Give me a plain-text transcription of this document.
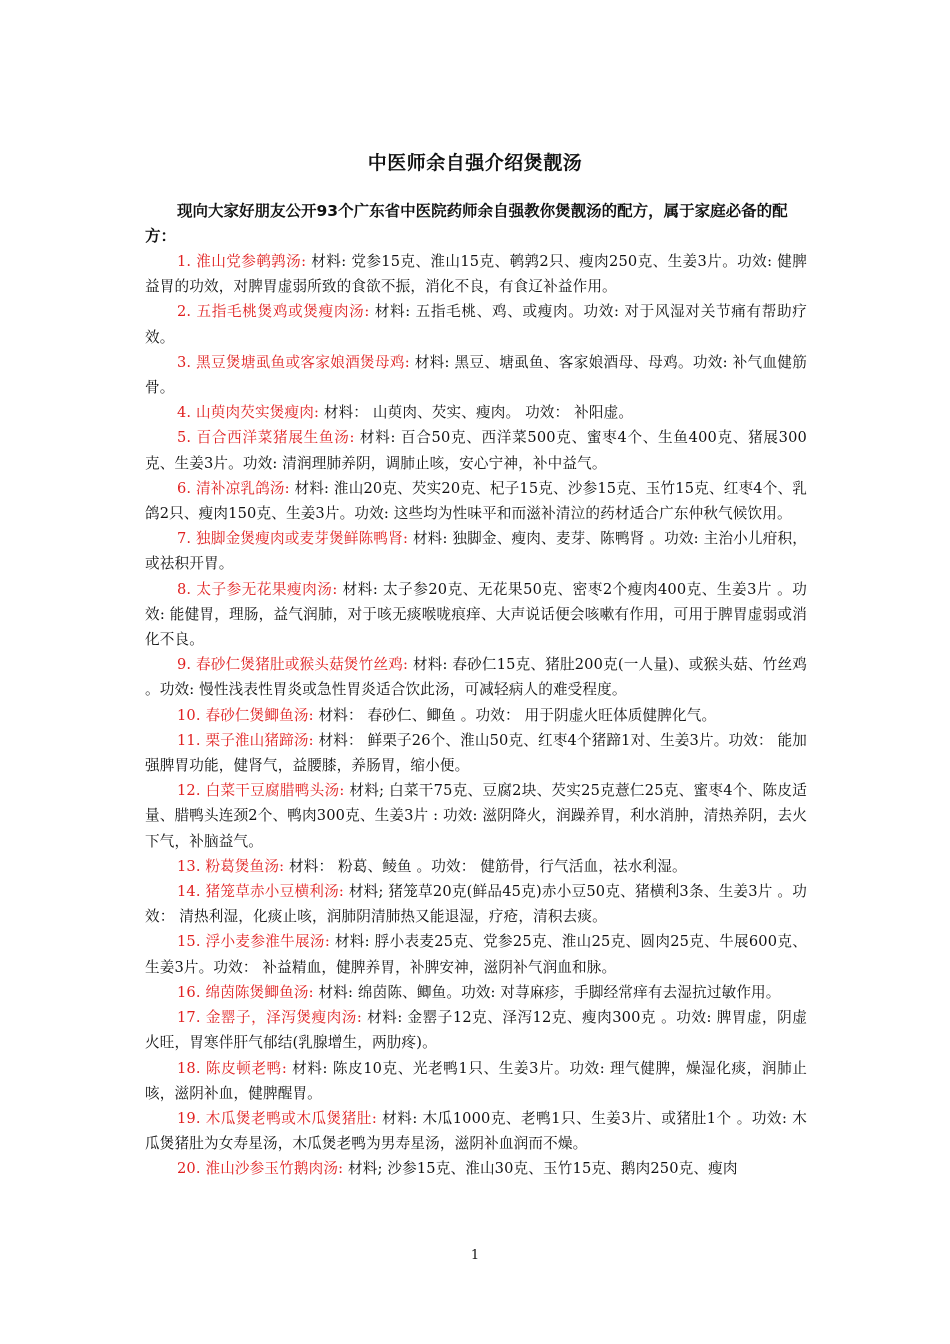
中医师余自强介绍煲靓汤

现向大家好朋友公开93个广东省中医院药师余自强教你煲靓汤的配方，属于家庭必备的配方：

1. 淮山党参鹌鹑汤: 材料: 党参15克、淮山15克、鹌鹑2只、瘦肉250克、生姜3片。功效: 健脾益胃的功效，对脾胃虚弱所致的食欲不振，消化不良，有食辽补益作用。

2. 五指毛桃煲鸡或煲瘦肉汤: 材料: 五指毛桃、鸡、或瘦肉。功效: 对于风湿对关节痛有帮助疗效。

3. 黑豆煲塘虱鱼或客家娘酒煲母鸡: 材料: 黑豆、塘虱鱼、客家娘酒母、母鸡。功效: 补气血健筋骨。

4. 山萸肉芡实煲瘦肉: 材料： 山萸肉、芡实、瘦肉。 功效： 补阳虚。

5. 百合西洋菜猪展生鱼汤: 材料: 百合50克、西洋菜500克、蜜枣4个、生鱼400克、猪展300克、生姜3片。功效: 清润理肺养阴，调肺止咳，安心宁神，补中益气。

6. 清补凉乳鸽汤: 材料: 淮山20克、芡实20克、杞子15克、沙参15克、玉竹15克、红枣4个、乳鸽2只、瘦肉150克、生姜3片。功效: 这些均为性味平和而滋补清泣的药材适合广东仲秋气候饮用。

7. 独脚金煲瘦肉或麦芽煲鲜陈鸭肾: 材料: 独脚金、瘦肉、麦芽、陈鸭肾 。功效: 主治小儿疳积，或祛积开胃。

8. 太子参无花果瘦肉汤: 材料: 太子参20克、无花果50克、密枣2个瘦肉400克、生姜3片 。功效: 能健胃，理肠，益气润肺，对于咳无痰喉咙痕痒、大声说话便会咳嗽有作用，可用于脾胃虚弱或消化不良。

9. 春砂仁煲猪肚或猴头菇煲竹丝鸡: 材料: 春砂仁15克、猪肚200克(一人量)、或猴头菇、竹丝鸡 。功效: 慢性浅表性胃炎或急性胃炎适合饮此汤，可减轻病人的难受程度。

10. 春砂仁煲鲫鱼汤: 材料： 春砂仁、鲫鱼 。功效： 用于阴虚火旺体质健脾化气。

11. 栗子淮山猪蹄汤: 材料： 鲜栗子26个、淮山50克、红枣4个猪蹄1对、生姜3片。功效： 能加强脾胃功能，健肾气，益腰膝，养肠胃，缩小便。

12. 白菜干豆腐腊鸭头汤: 材料; 白菜干75克、豆腐2块、芡实25克薏仁25克、蜜枣4个、陈皮适量、腊鸭头连颈2个、鸭肉300克、生姜3片 : 功效: 滋阴降火，润躁养胃，利水消肿，清热养阴，去火下气，补脑益气。

13. 粉葛煲鱼汤: 材料： 粉葛、鲮鱼 。功效： 健筋骨，行气活血，祛水利湿。

14. 猪笼草赤小豆横利汤: 材料; 猪笼草20克(鲜品45克)赤小豆50克、猪横利3条、生姜3片 。功效： 清热利湿，化痰止咳，润肺阴清肺热又能退湿，疗疮，清积去痰。

15. 浮小麦参淮牛展汤: 材料: 脬小表麦25克、党参25克、淮山25克、圆肉25克、牛展600克、生姜3片。功效： 补益精血，健脾养胃，补脾安神，滋阴补气润血和脉。

16. 绵茵陈煲鲫鱼汤: 材料: 绵茵陈、鲫鱼。功效: 对荨麻疹，手脚经常痒有去湿抗过敏作用。

17. 金罂子，泽泻煲瘦肉汤: 材料: 金罂子12克、泽泻12克、瘦肉300克 。功效: 脾胃虚，阴虚火旺，胃寒伴肝气郁结(乳腺增生，两肋疼)。

18. 陈皮顿老鸭: 材料: 陈皮10克、光老鸭1只、生姜3片。功效: 理气健脾，燥湿化痰，润肺止咳，滋阴补血，健脾醒胃。

19. 木瓜煲老鸭或木瓜煲猪肚: 材料: 木瓜1000克、老鸭1只、生姜3片、或猪肚1个 。功效: 木瓜煲猪肚为女寿星汤，木瓜煲老鸭为男寿星汤，滋阴补血润而不燥。

20. 淮山沙参玉竹鹅肉汤: 材料; 沙参15克、淮山30克、玉竹15克、鹅肉250克、瘦肉

1
